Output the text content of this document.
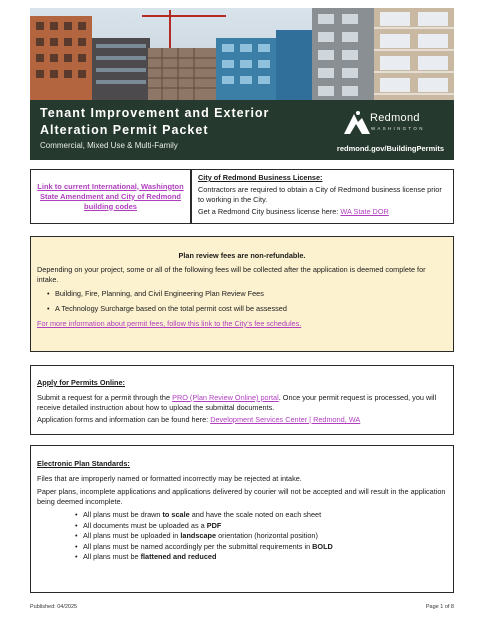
Tenant Improvement and Exterior
Alteration Permit Packet
Commercial, Mixed Use & Multi-Family
Redmond
WASHINGTON
redmond.gov/BuildingPermits
Link to current International, Washington State Amendment and City of Redmond building codes
City of Redmond Business License:

Contractors are required to obtain a City of Redmond business license prior to working in the City.

Get a Redmond City business license here: WA State DOR

Plan review fees are non-refundable.

Depending on your project, some or all of the following fees will be collected after the application is deemed complete for intake.

• Building, Fire, Planning, and Civil Engineering Plan Review Fees
• A Technology Surcharge based on the total permit cost will be assessed
For more information about permit fees, follow this link to the City’s fee schedules.
Apply for Permits Online:

Submit a request for a permit through the PRO (Plan Review Online) portal. Once your permit request is processed, you will receive detailed instruction about how to upload the submittal documents.

Application forms and information can be found here: Development Services Center | Redmond, WA

Electronic Plan Standards:

Files that are improperly named or formatted incorrectly may be rejected at intake.

Paper plans, incomplete applications and applications delivered by courier will not be accepted and will result in the application being deemed incomplete.

• All plans must be drawn to scale and have the scale noted on each sheet
• All documents must be uploaded as a PDF
• All plans must be uploaded in landscape orientation (horizontal position)
• All plans must be named accordingly per the submittal requirements in BOLD
• All plans must be flattened and reduced
Published: 04/2025	Page 1 of 8
